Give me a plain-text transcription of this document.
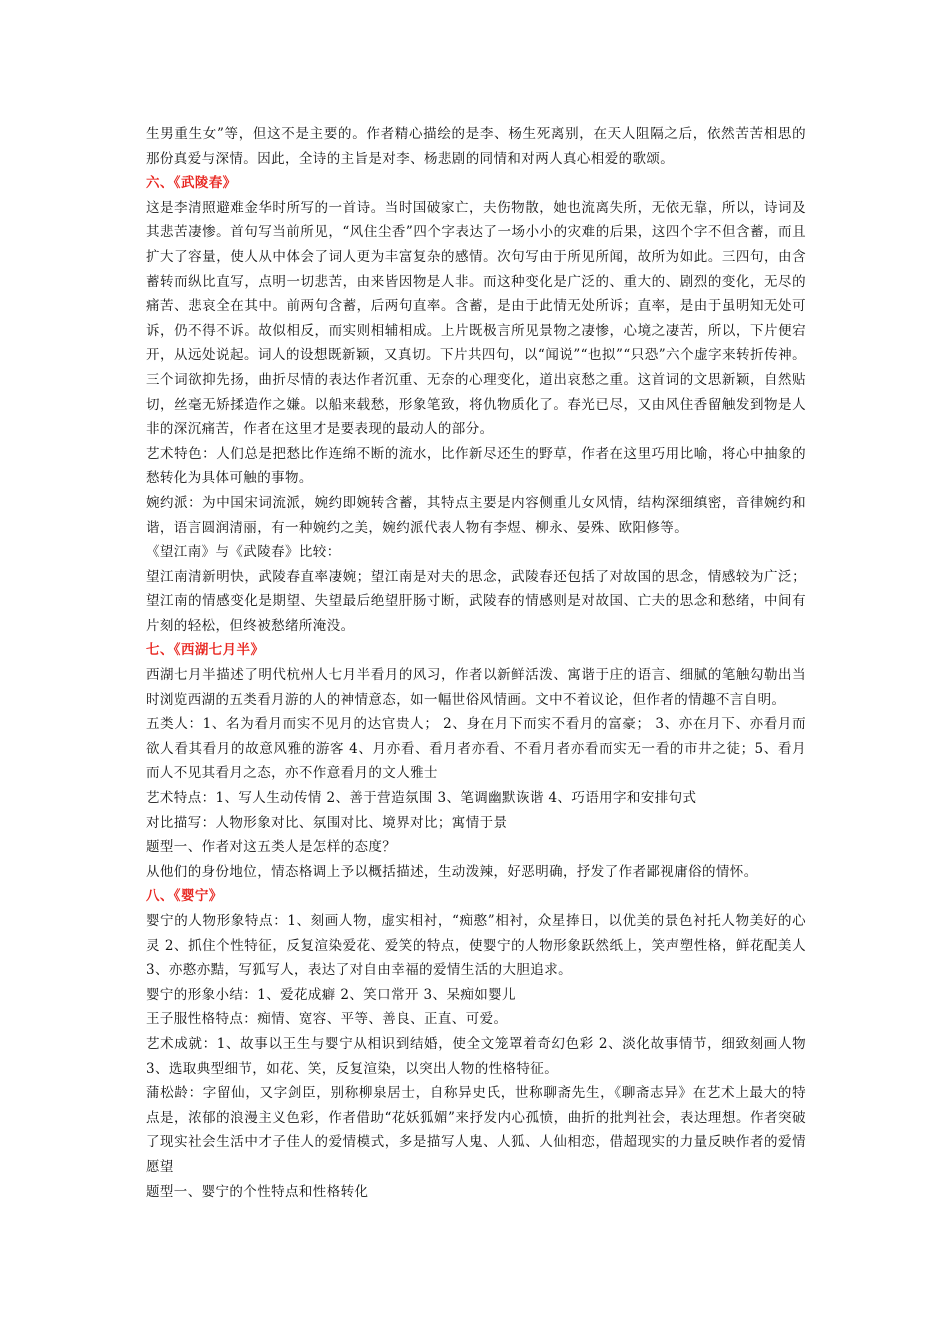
生男重生女”等，但这不是主要的。作者精心描绘的是李、杨生死离别，在天人阻隔之后，依然苦苦相思的那份真爱与深情。因此，全诗的主旨是对李、杨悲剧的同情和对两人真心相爱的歌颂。

六、《武陵春》

这是李清照避难金华时所写的一首诗。当时国破家亡，夫伤物散，她也流离失所，无依无靠，所以，诗词及其悲苦凄惨。首句写当前所见，“风住尘香”四个字表达了一场小小的灾难的后果，这四个字不但含蓄，而且扩大了容量，使人从中体会了词人更为丰富复杂的感情。次句写由于所见所闻，故所为如此。三四句，由含蓄转而纵比直写，点明一切悲苦，由来皆因物是人非。而这种变化是广泛的、重大的、剧烈的变化，无尽的痛苦、悲哀全在其中。前两句含蓄，后两句直率。含蓄，是由于此情无处所诉；直率，是由于虽明知无处可诉，仍不得不诉。故似相反，而实则相辅相成。上片既极言所见景物之凄惨，心境之凄苦，所以，下片便宕开，从远处说起。词人的设想既新颖，又真切。下片共四句，以“闻说”“也拟”“只恐”六个虚字来转折传神。三个词欲抑先扬，曲折尽情的表达作者沉重、无奈的心理变化，道出哀愁之重。这首词的文思新颖，自然贴切，丝毫无矫揉造作之嫌。以船来载愁，形象笔致，将仇物质化了。春光已尽，又由风住香留触发到物是人非的深沉痛苦，作者在这里才是要表现的最动人的部分。

艺术特色：人们总是把愁比作连绵不断的流水，比作新尽还生的野草，作者在这里巧用比喻，将心中抽象的愁转化为具体可触的事物。

婉约派：为中国宋词流派，婉约即婉转含蓄，其特点主要是内容侧重儿女风情，结构深细缜密，音律婉约和谐，语言圆润清丽，有一种婉约之美，婉约派代表人物有李煜、柳永、晏殊、欧阳修等。

《望江南》与《武陵春》比较：

望江南清新明快，武陵春直率凄婉；望江南是对夫的思念，武陵春还包括了对故国的思念，情感较为广泛；望江南的情感变化是期望、失望最后绝望肝肠寸断，武陵春的情感则是对故国、亡夫的思念和愁绪，中间有片刻的轻松，但终被愁绪所淹没。

七、《西湖七月半》

西湖七月半描述了明代杭州人七月半看月的风习，作者以新鲜活泼、寓谐于庄的语言、细腻的笔触勾勒出当时浏览西湖的五类看月游的人的神情意态，如一幅世俗风情画。文中不着议论，但作者的情趣不言自明。

五类人：1、名为看月而实不见月的达官贵人； 2、身在月下而实不看月的富豪； 3、亦在月下、亦看月而欲人看其看月的故意风雅的游客 4、月亦看、看月者亦看、不看月者亦看而实无一看的市井之徒；5、看月而人不见其看月之态，亦不作意看月的文人雅士

艺术特点：1、写人生动传情 2、善于营造氛围 3、笔调幽默诙谐 4、巧语用字和安排句式

对比描写：人物形象对比、氛围对比、境界对比；寓情于景

题型一、作者对这五类人是怎样的态度？

从他们的身份地位，情态格调上予以概括描述，生动泼辣，好恶明确，抒发了作者鄙视庸俗的情怀。

八、《婴宁》

婴宁的人物形象特点：1、刻画人物，虚实相衬，“痴憨”相衬，众星捧日，以优美的景色衬托人物美好的心灵 2、抓住个性特征，反复渲染爱花、爱笑的特点，使婴宁的人物形象跃然纸上，笑声塑性格，鲜花配美人 3、亦憨亦黠，写狐写人，表达了对自由幸福的爱情生活的大胆追求。

婴宁的形象小结：1、爱花成癖 2、笑口常开 3、呆痴如婴儿

王子服性格特点：痴情、宽容、平等、善良、正直、可爱。

艺术成就：1、故事以王生与婴宁从相识到结婚，使全文笼罩着奇幻色彩 2、淡化故事情节，细致刻画人物 3、选取典型细节，如花、笑，反复渲染，以突出人物的性格特征。

蒲松龄：字留仙，又字剑臣，别称柳泉居士，自称异史氏，世称聊斋先生，《聊斋志异》在艺术上最大的特点是，浓郁的浪漫主义色彩，作者借助“花妖狐媚”来抒发内心孤愤，曲折的批判社会，表达理想。作者突破了现实社会生活中才子佳人的爱情模式，多是描写人鬼、人狐、人仙相恋，借超现实的力量反映作者的爱情愿望

题型一、婴宁的个性特点和性格转化
